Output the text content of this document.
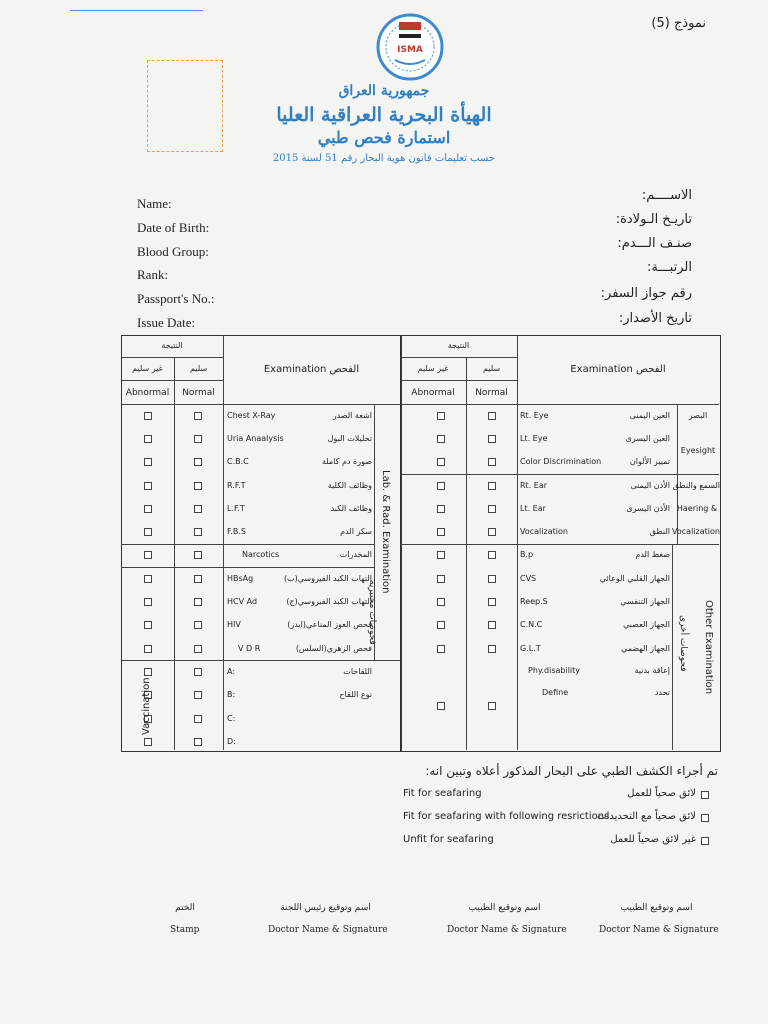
نموذج (5)
ISMA
جمهورية العراق
الهيأة البحرية العراقية العليا
استمارة فحص طبي
حسب تعليمات قانون هوية البحار رقم 51 لسنة 2015
Name:
الاســــم:
Date of Birth:
تاريـخ الـولادة:
Blood Group:
صنـف الـــدم:
Rank:	الرتبـــة:
Passport's No.:	رقم جواز السفر:
Issue Date:	تاريخ الأصدار:
تم أجراء الكشف الطبي على البحار المذكور أعلاه وتبين انه:
النتيجة
غير سليم	سليم
Abnormal	Normal
Examination الفحص
Chest X-Ray	اشعة الصدر
Uria Anaalysis	تحليلات البول
C.B.C	صورة دم كاملة
R.F.T	وظائف الكلية
L.F.T	وظائف الكبد
F.B.S	سكر الدم
Narcotics	المخدرات
HBsAg	التهاب الكبد الفيروسي(ب)
HCV Ad	التهاب الكبد الفيروسي(ج)
HIV	فحص العوز المناعي(ايدز)
V D R	فحص الزهري(السلس)
A:	اللقاحات
B:	نوع اللقاح
C:
D:
Lab. & Rad. Examination
فحوصات مختبرية
Vaccination
النتيجة
غير سليم	سليم
Abnormal	Normal
Examination الفحص
Rt. Eye	العين اليمنى
Lt. Eye	العين اليسرى
Color Discrimination	تمييز الألوان
Rt. Ear	الأذن اليمنى
Lt. Ear	الأذن اليسرى
Vocalization	النطق
B.p	ضغط الدم
CVS	الجهاز القلبي الوعائي
Reep.S	الجهاز التنفسي
C.N.C	الجهاز العصبي
G.L.T	الجهاز الهضمي
Phy.disability	إعاقة بدنية
Define	تحدد
البصر
Eyesight
السمع والنطق
Haering &
Vocalization
Other Examination
فحوصات أخرى
Fit for seafaring	لائق صحياً للعمل
Fit for seafaring with following resrictions
لائق صحياً مع التحديدات
Unfit for seafaring	غير لائق صحياً للعمل
الختم
Stamp
اسم وتوقيع رئيس اللجنة
Doctor Name & Signature
اسم وتوقيع الطبيب
Doctor Name & Signature
اسم وتوقيع الطبيب
Doctor Name & Signature
